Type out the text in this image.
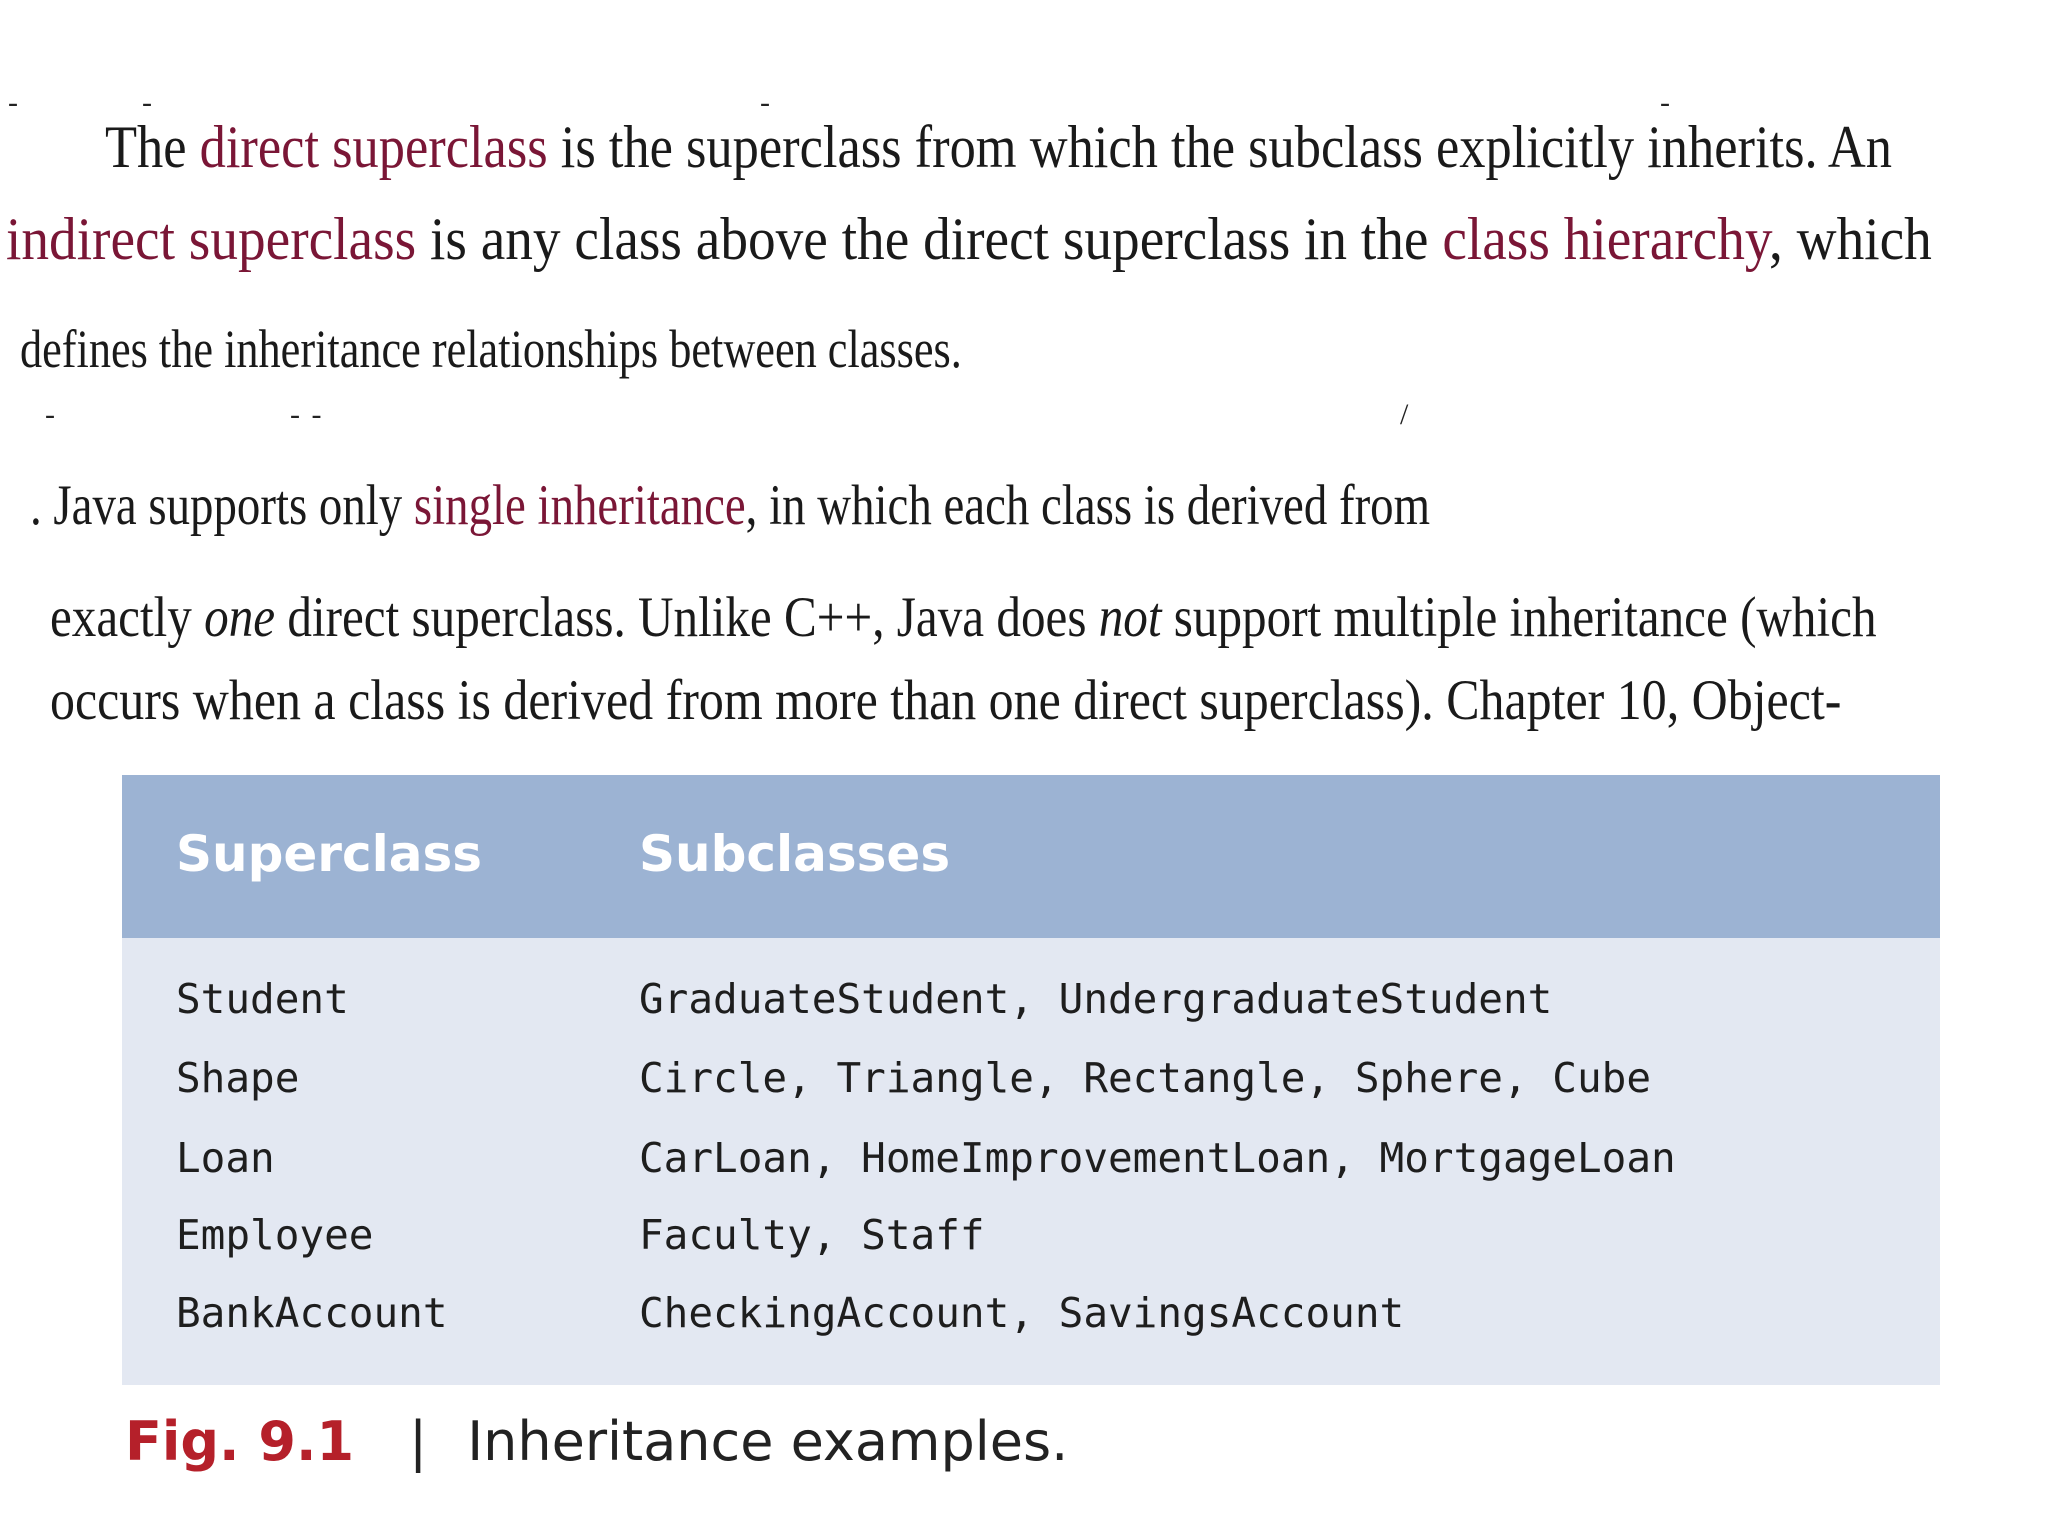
-	-	-	-
The direct superclass is the superclass from which the subclass explicitly inherits. An
indirect superclass is any class above the direct superclass in the class hierarchy, which
defines the inheritance relationships between classes.
-	- -	/
. Java supports only single inheritance, in which each class is derived from
exactly one direct superclass. Unlike C++, Java does not support multiple inheritance (which
occurs when a class is derived from more than one direct superclass). Chapter 10, Object-
Superclass	Subclasses
Student	GraduateStudent, UndergraduateStudent
Shape	Circle, Triangle, Rectangle, Sphere, Cube
Loan	CarLoan, HomeImprovementLoan, MortgageLoan
Employee	Faculty, Staff
BankAccount	CheckingAccount, SavingsAccount
Fig. 9.1 | Inheritance examples.
